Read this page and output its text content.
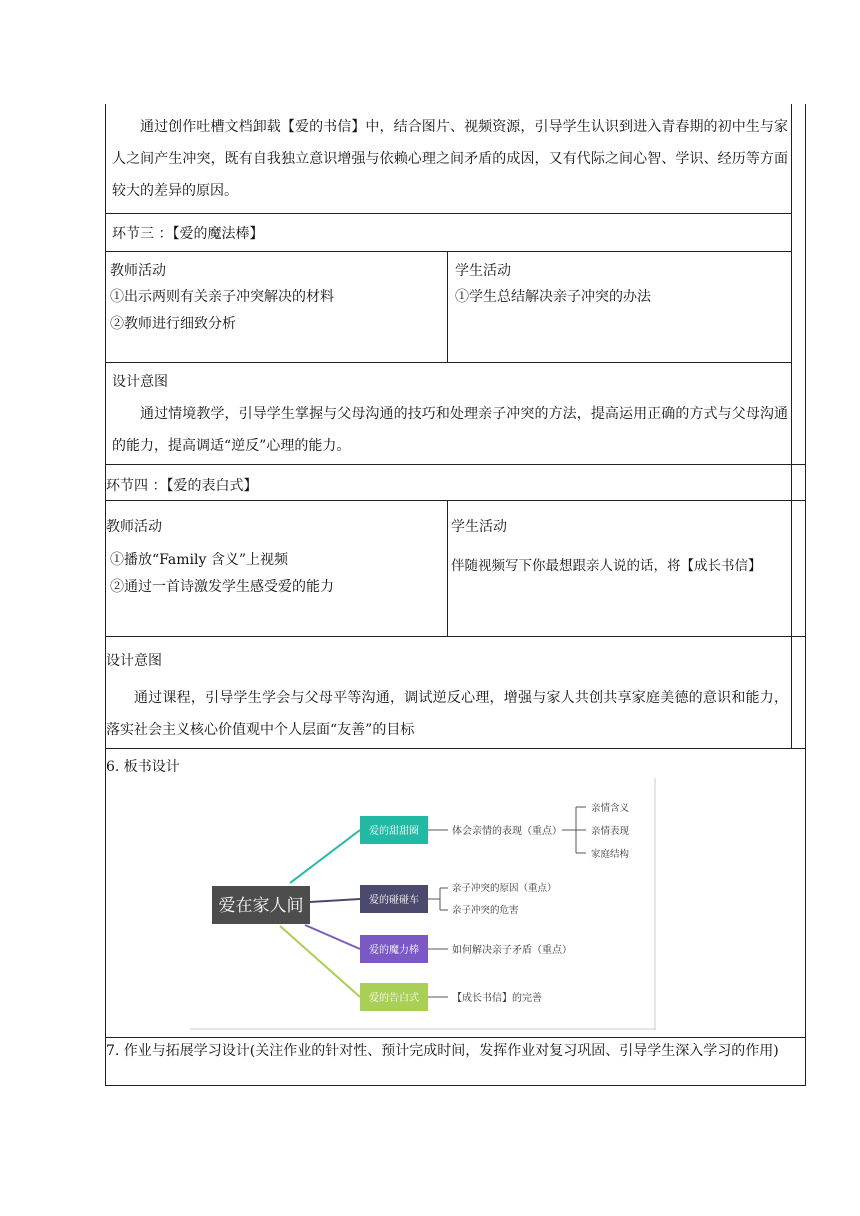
通过创作吐槽文档卸载【爱的书信】中，结合图片、视频资源，引导学生认识到进入青春期的初中生与家人之间产生冲突，既有自我独立意识增强与依赖心理之间矛盾的成因，又有代际之间心智、学识、经历等方面较大的差异的原因。
环节三 ：【爱的魔法棒】
教师活动
①出示两则有关亲子冲突解决的材料
②教师进行细致分析
学生活动
①学生总结解决亲子冲突的办法
设计意图
通过情境教学，引导学生掌握与父母沟通的技巧和处理亲子冲突的方法，提高运用正确的方式与父母沟通的能力，提高调适“逆反”心理的能力。
环节四 ：【爱的表白式】
教师活动
①播放“Family 含义”上视频
②通过一首诗激发学生感受爱的能力
学生活动
伴随视频写下你最想跟亲人说的话，将【成长书信】
设计意图
通过课程，引导学生学会与父母平等沟通，调试逆反心理，增强与家人共创共享家庭美德的意识和能力，落实社会主义核心价值观中个人层面“友善”的目标
6. 板书设计
爱在家人间
爱的甜甜圈
爱的碰碰车
爱的魔力棒
爱的告白式
体会亲情的表现（重点）
亲情含义
亲情表现
家庭结构
亲子冲突的原因（重点）
亲子冲突的危害
如何解决亲子矛盾（重点）
【成长书信】的完善
7. 作业与拓展学习设计(关注作业的针对性、预计完成时间，发挥作业对复习巩固、引导学生深入学习的作用)
